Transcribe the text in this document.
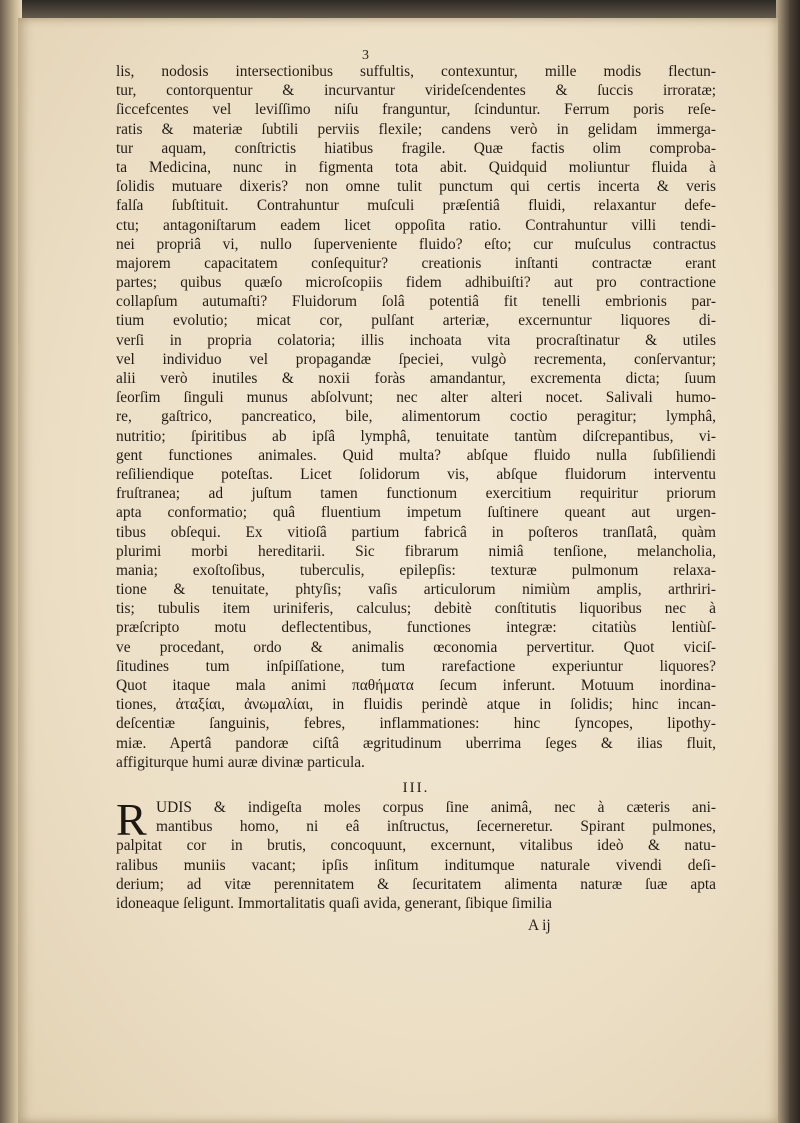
3
lis, nodosis intersectionibus suffultis, contexuntur, mille modis flectun-
tur, contorquentur & incurvantur virideſcendentes & ſuccis irroratæ;
ſiccefcentes vel leviſſimo niſu franguntur, ſcinduntur. Ferrum poris reſe-
ratis & materiæ ſubtili perviis flexile; candens verò in gelidam immerga-
tur aquam, conſtrictis hiatibus fragile. Quæ factis olim comproba-
ta Medicina, nunc in figmenta tota abit. Quidquid moliuntur fluida à
ſolidis mutuare dixeris? non omne tulit punctum qui certis incerta & veris
falſa ſubſtituit. Contrahuntur muſculi præſentiâ fluidi, relaxantur defe-
ctu; antagoniſtarum eadem licet oppoſita ratio. Contrahuntur villi tendi-
nei propriâ vi, nullo ſuperveniente fluido? eſto; cur muſculus contractus
majorem capacitatem conſequitur? creationis inſtanti contractæ erant
partes; quibus quæſo microſcopiis fidem adhibuiſti? aut pro contractione
collapſum autumaſti? Fluidorum ſolâ potentiâ fit tenelli embrionis par-
tium evolutio; micat cor, pulſant arteriæ, excernuntur liquores di-
verſi in propria colatoria; illis inchoata vita procraſtinatur & utiles
vel individuo vel propagandæ ſpeciei, vulgò recrementa, conſervantur;
alii verò inutiles & noxii foràs amandantur, excrementa dicta; ſuum
ſeorſim ſinguli munus abſolvunt; nec alter alteri nocet. Salivali humo-
re, gaſtrico, pancreatico, bile, alimentorum coctio peragitur; lymphâ,
nutritio; ſpiritibus ab ipſâ lymphâ, tenuitate tantùm diſcrepantibus, vi-
gent functiones animales. Quid multa? abſque fluido nulla ſubſiliendi
reſiliendique poteſtas. Licet ſolidorum vis, abſque fluidorum interventu
fruſtranea; ad juſtum tamen functionum exercitium requiritur priorum
apta conformatio; quâ fluentium impetum ſuſtinere queant aut urgen-
tibus obſequi. Ex vitioſâ partium fabricâ in poſteros tranſlatâ, quàm
plurimi morbi hereditarii. Sic fibrarum nimiâ tenſione, melancholia,
mania; exoſtoſibus, tuberculis, epilepſis: texturæ pulmonum relaxa-
tione & tenuitate, phtyſis; vaſis articulorum nimiùm amplis, arthriri-
tis; tubulis item uriniferis, calculus; debitè conſtitutis liquoribus nec à
præſcripto motu deflectentibus, functiones integræ: citatiùs lentiùſ-
ve procedant, ordo & animalis œconomia pervertitur. Quot viciſ-
ſitudines tum inſpiſſatione, tum rarefactione experiuntur liquores?
Quot itaque mala animi παθήματα ſecum inferunt. Motuum inordina-
tiones, ἀταξίαι, ἀνωμαλίαι, in fluidis perindè atque in ſolidis; hinc incan-
deſcentiæ ſanguinis, febres, inflammationes: hinc ſyncopes, lipothy-
miæ. Apertâ pandoræ ciſtâ ægritudinum uberrima ſeges & ilias fluit,
affigiturque humi auræ divinæ particula.
III.
R UDIS & indigeſta moles corpus ſine animâ, nec à cæteris ani-
mantibus homo, ni eâ inſtructus, ſecerneretur. Spirant pulmones,
palpitat cor in brutis, concoquunt, excernunt, vitalibus ideò & natu-
ralibus muniis vacant; ipſis inſitum inditumque naturale vivendi deſi-
derium; ad vitæ perennitatem & ſecuritatem alimenta naturæ ſuæ apta
idoneaque ſeligunt. Immortalitatis quaſi avida, generant, ſibique ſimilia
A ij
